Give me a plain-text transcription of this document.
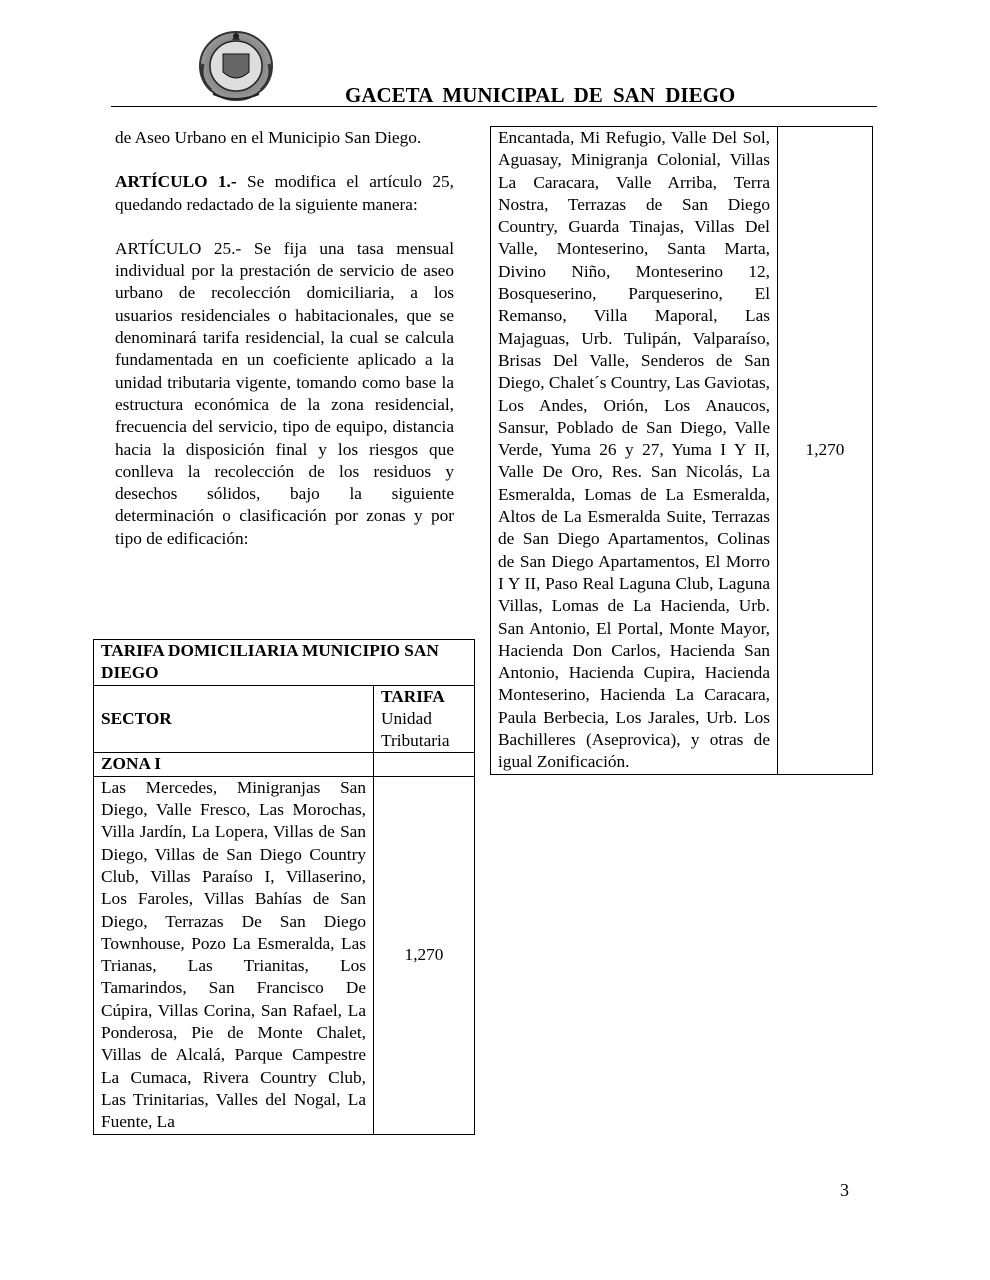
GACETA MUNICIPAL DE SAN DIEGO

de Aseo Urbano en el Municipio San Diego.

ARTÍCULO 1.- Se modifica el artículo 25, quedando redactado de la siguiente manera:

ARTÍCULO 25.- Se fija una tasa mensual individual por la prestación de servicio de aseo urbano de recolección domiciliaria, a los usuarios residenciales o habitacionales, que se denominará tarifa residencial, la cual se calcula fundamentada en un coeficiente aplicado a la unidad tributaria vigente, tomando como base la estructura económica de la zona residencial, frecuencia del servicio, tipo de equipo, distancia hacia la disposición final y los riesgos que conlleva la recolección de los residuos y desechos sólidos, bajo la siguiente determinación o clasificación por zonas y por tipo de edificación:

TARIFA DOMICILIARIA MUNICIPIO SAN DIEGO	
SECTOR	TARIFA
Unidad Tributaria

ZONA I	
Las Mercedes, Minigranjas San Diego, Valle Fresco, Las Morochas, Villa Jardín, La Lopera, Villas de San Diego, Villas de San Diego Country Club, Villas Paraíso I, Villaserino, Los Faroles, Villas Bahías de San Diego, Terrazas De San Diego Townhouse, Pozo La Esmeralda, Las Trianas, Las Trianitas, Los Tamarindos, San Francisco De Cúpira, Villas Corina, San Rafael, La Ponderosa, Pie de Monte Chalet, Villas de Alcalá, Parque Campestre La Cumaca, Rivera Country Club, Las Trinitarias, Valles del Nogal, La Fuente, La	1,270
Encantada, Mi Refugio, Valle Del Sol, Aguasay, Minigranja Colonial, Villas La Caracara, Valle Arriba, Terra Nostra, Terrazas de San Diego Country, Guarda Tinajas, Villas Del Valle, Monteserino, Santa Marta, Divino Niño, Monteserino 12, Bosqueserino, Parqueserino, El Remanso, Villa Maporal, Las Majaguas, Urb. Tulipán, Valparaíso, Brisas Del Valle, Senderos de San Diego, Chalet´s Country, Las Gaviotas, Los Andes, Orión, Los Anaucos, Sansur, Poblado de San Diego, Valle Verde, Yuma 26 y 27, Yuma I Y II, Valle De Oro, Res. San Nicolás, La Esmeralda, Lomas de La Esmeralda, Altos de La Esmeralda Suite, Terrazas de San Diego Apartamentos, Colinas de San Diego Apartamentos, El Morro I Y II, Paso Real Laguna Club, Laguna Villas, Lomas de La Hacienda, Urb. San Antonio, El Portal, Monte Mayor, Hacienda Don Carlos, Hacienda San Antonio, Hacienda Cupira, Hacienda Monteserino, Hacienda La Caracara, Paula Berbecia, Los Jarales, Urb. Los Bachilleres (Aseprovica), y otras de igual Zonificación.	1,270
3
